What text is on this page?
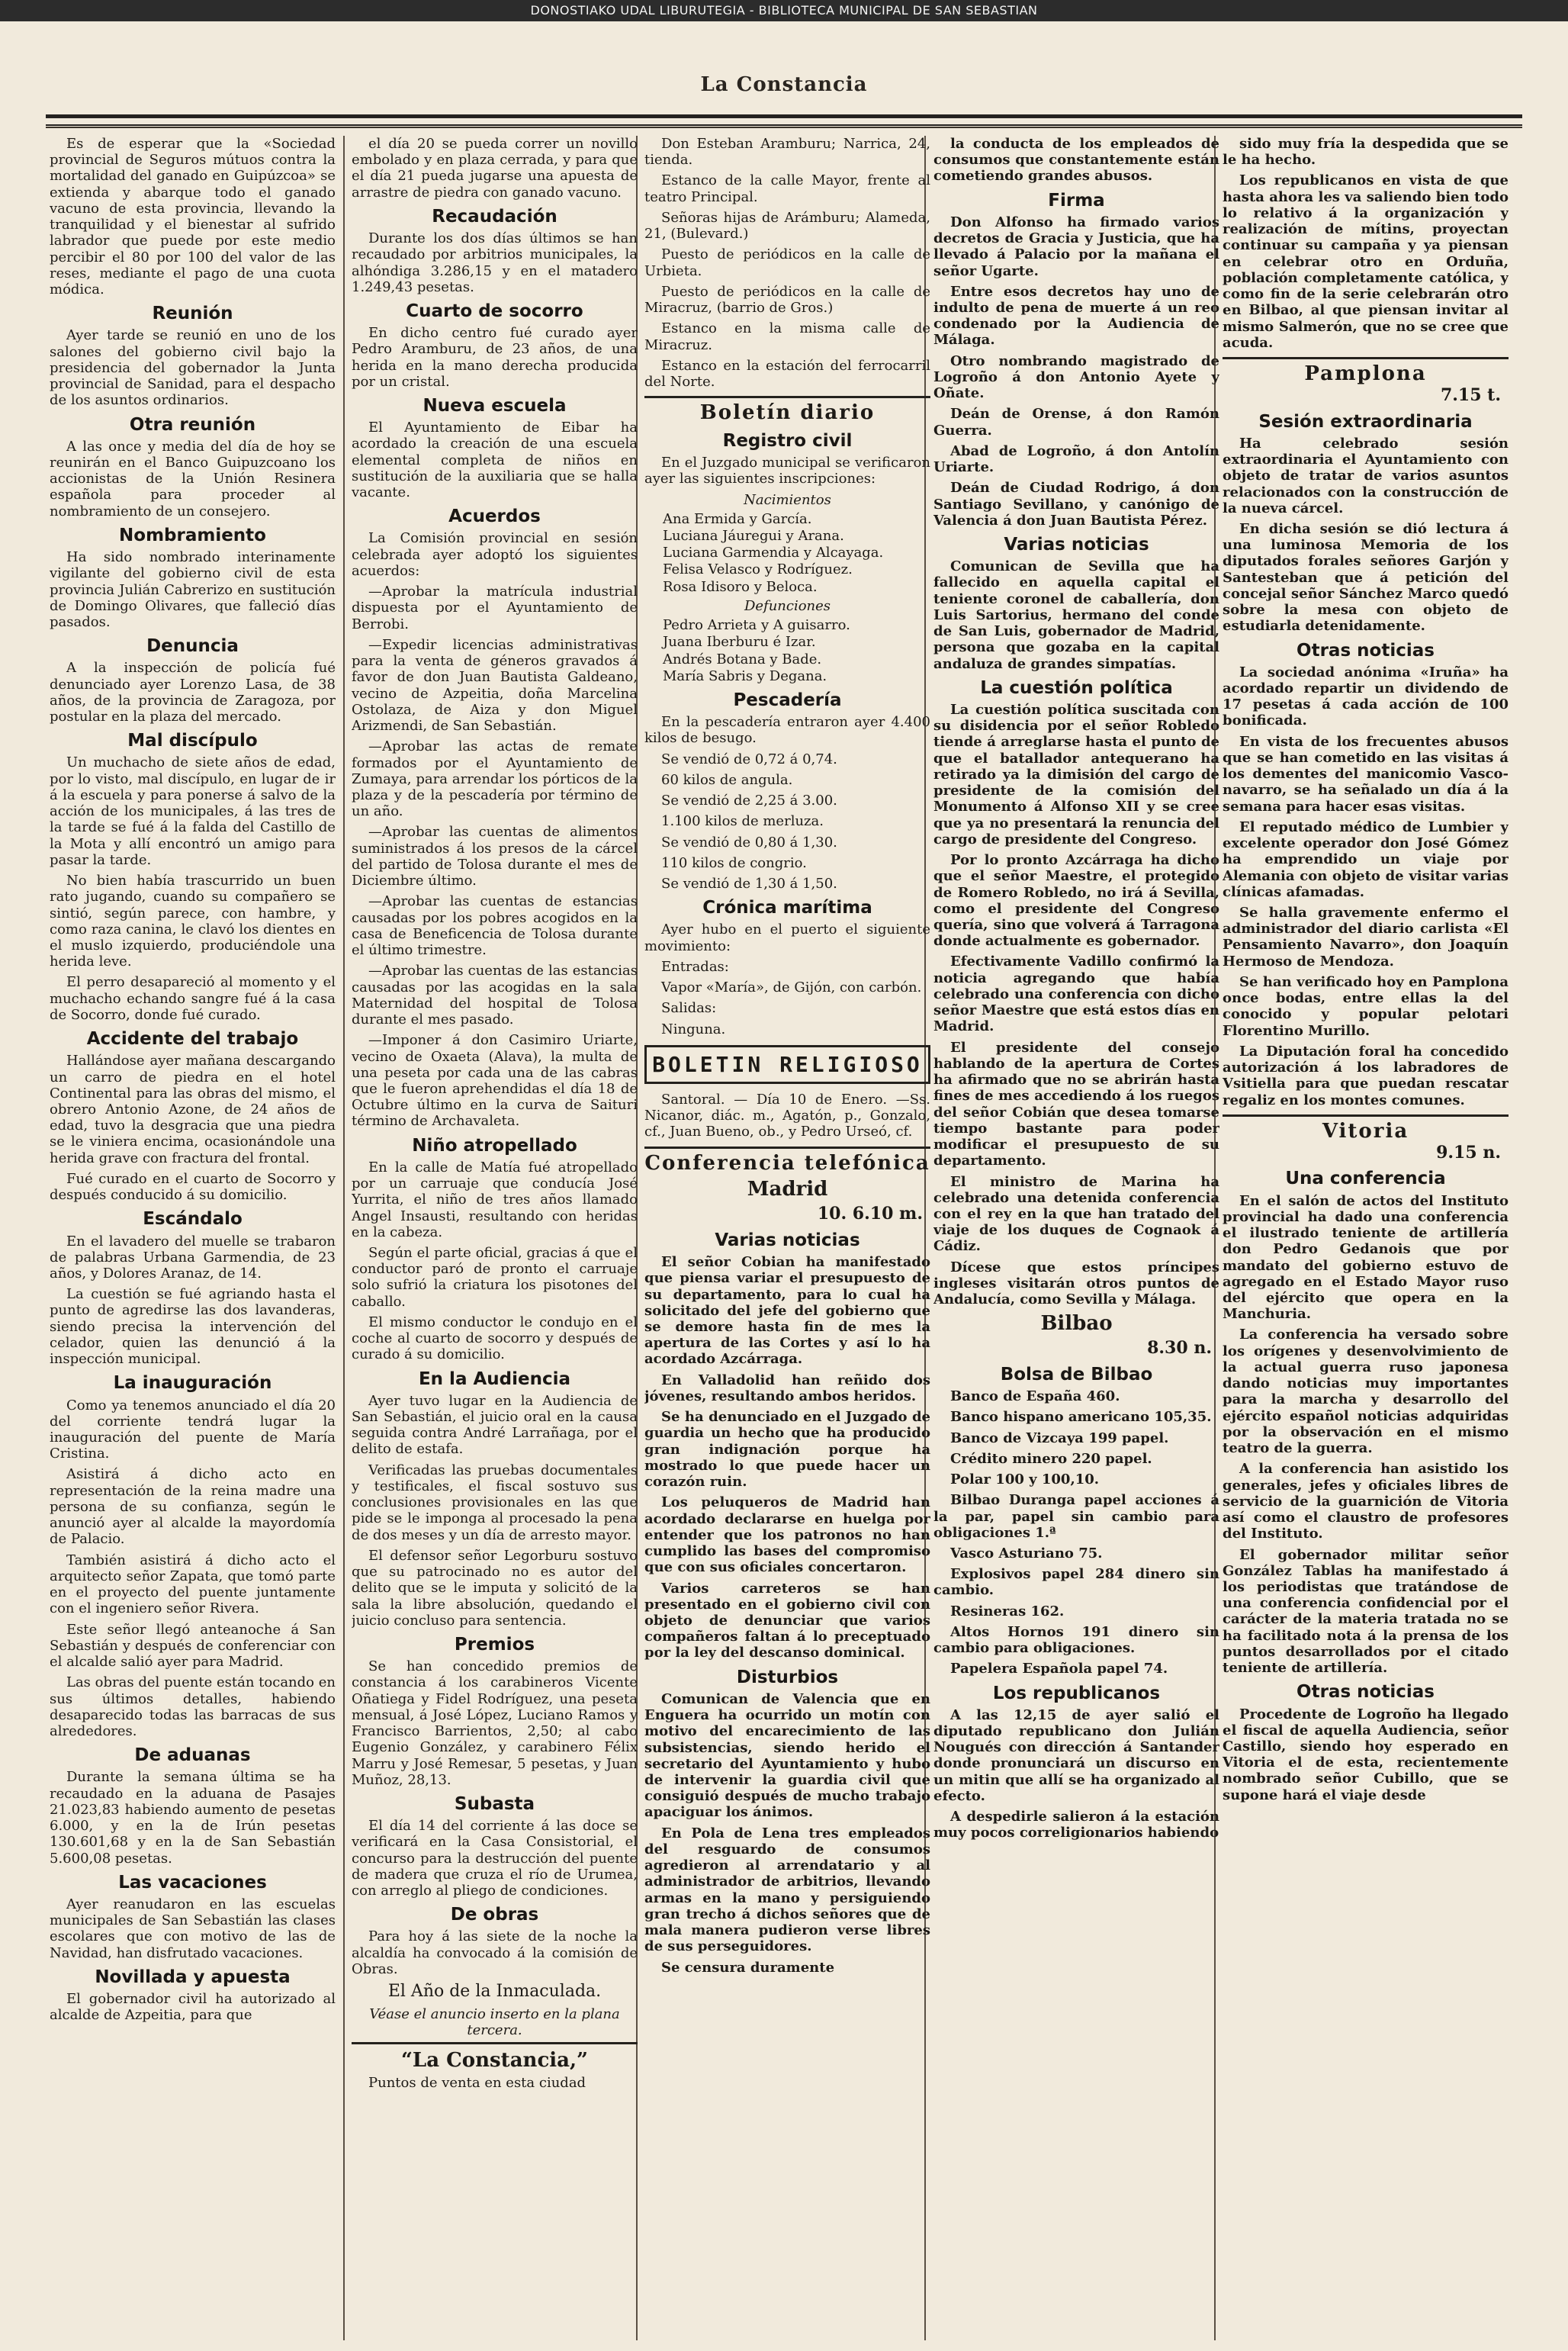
DONOSTIAKO UDAL LIBURUTEGIA - BIBLIOTECA MUNICIPAL DE SAN SEBASTIAN
La Constancia

Es de esperar que la «Sociedad provincial de Seguros mútuos contra la mortalidad del ganado en Guipúzcoa» se extienda y abarque todo el ganado vacuno de esta provincia, llevando la tranquilidad y el bienestar al sufrido labrador que puede por este medio percibir el 80 por 100 del valor de las reses, mediante el pago de una cuota módica.

Reunión

Ayer tarde se reunió en uno de los salones del gobierno civil bajo la presidencia del gobernador la Junta provincial de Sanidad, para el despacho de los asuntos ordinarios.

Otra reunión

A las once y media del día de hoy se reunirán en el Banco Guipuzcoano los accionistas de la Unión Resinera española para proceder al nombramiento de un consejero.

Nombramiento

Ha sido nombrado interinamente vigilante del gobierno civil de esta provincia Julián Cabrerizo en sustitución de Domingo Olivares, que falleció días pasados.

Denuncia

A la inspección de policía fué denunciado ayer Lorenzo Lasa, de 38 años, de la provincia de Zaragoza, por postular en la plaza del mercado.

Mal discípulo

Un muchacho de siete años de edad, por lo visto, mal discípulo, en lugar de ir á la escuela y para ponerse á salvo de la acción de los municipales, á las tres de la tarde se fué á la falda del Castillo de la Mota y allí encontró un amigo para pasar la tarde.

No bien había trascurrido un buen rato jugando, cuando su compañero se sintió, según parece, con hambre, y como raza canina, le clavó los dientes en el muslo izquierdo, produciéndole una herida leve.

El perro desapareció al momento y el muchacho echando sangre fué á la casa de Socorro, donde fué curado.

Accidente del trabajo

Hallándose ayer mañana descargando un carro de piedra en el hotel Continental para las obras del mismo, el obrero Antonio Azone, de 24 años de edad, tuvo la desgracia que una piedra se le viniera encima, ocasionándole una herida grave con fractura del frontal.

Fué curado en el cuarto de Socorro y después conducido á su domicilio.

Escándalo

En el lavadero del muelle se trabaron de palabras Urbana Garmendia, de 23 años, y Dolores Aranaz, de 14.

La cuestión se fué agriando hasta el punto de agredirse las dos lavanderas, siendo precisa la intervención del celador, quien las denunció á la inspección municipal.

La inauguración

Como ya tenemos anunciado el día 20 del corriente tendrá lugar la inauguración del puente de María Cristina.

Asistirá á dicho acto en representación de la reina madre una persona de su confianza, según le anunció ayer al alcalde la mayordomía de Palacio.

También asistirá á dicho acto el arquitecto señor Zapata, que tomó parte en el proyecto del puente juntamente con el ingeniero señor Rivera.

Este señor llegó anteanoche á San Sebastián y después de conferenciar con el alcalde salió ayer para Madrid.

Las obras del puente están tocando en sus últimos detalles, habiendo desaparecido todas las barracas de sus alrededores.

De aduanas

Durante la semana última se ha recaudado en la aduana de Pasajes 21.023,83 habiendo aumento de pesetas 6.000, y en la de Irún pesetas 130.601,68 y en la de San Sebastián 5.600,08 pesetas.

Las vacaciones

Ayer reanudaron en las escuelas municipales de San Sebastián las clases escolares que con motivo de las de Navidad, han disfrutado vacaciones.

Novillada y apuesta

El gobernador civil ha autorizado al alcalde de Azpeitia, para que

el día 20 se pueda correr un novillo embolado y en plaza cerrada, y para que el día 21 pueda jugarse una apuesta de arrastre de piedra con ganado vacuno.

Recaudación

Durante los dos días últimos se han recaudado por arbitrios municipales, la alhóndiga 3.286,15 y en el matadero 1.249,43 pesetas.

Cuarto de socorro

En dicho centro fué curado ayer Pedro Aramburu, de 23 años, de una herida en la mano derecha producida por un cristal.

Nueva escuela

El Ayuntamiento de Eibar ha acordado la creación de una escuela elemental completa de niños en sustitución de la auxiliaria que se halla vacante.

Acuerdos

La Comisión provincial en sesión celebrada ayer adoptó los siguientes acuerdos:

—Aprobar la matrícula industrial dispuesta por el Ayuntamiento de Berrobi.

—Expedir licencias administrativas para la venta de géneros gravados á favor de don Juan Bautista Galdeano, vecino de Azpeitia, doña Marcelina Ostolaza, de Aiza y don Miguel Arizmendi, de San Sebastián.

—Aprobar las actas de remate formados por el Ayuntamiento de Zumaya, para arrendar los pórticos de la plaza y de la pescadería por término de un año.

—Aprobar las cuentas de alimentos suministrados á los presos de la cárcel del partido de Tolosa durante el mes de Diciembre último.

—Aprobar las cuentas de estancias causadas por los pobres acogidos en la casa de Beneficencia de Tolosa durante el último trimestre.

—Aprobar las cuentas de las estancias causadas por las acogidas en la sala Maternidad del hospital de Tolosa durante el mes pasado.

—Imponer á don Casimiro Uriarte, vecino de Oxaeta (Alava), la multa de una peseta por cada una de las cabras que le fueron aprehendidas el día 18 de Octubre último en la curva de Saituri término de Archavaleta.

Niño atropellado

En la calle de Matía fué atropellado por un carruaje que conducía José Yurrita, el niño de tres años llamado Angel Insausti, resultando con heridas en la cabeza.

Según el parte oficial, gracias á que el conductor paró de pronto el carruaje solo sufrió la criatura los pisotones del caballo.

El mismo conductor le condujo en el coche al cuarto de socorro y después de curado á su domicilio.

En la Audiencia

Ayer tuvo lugar en la Audiencia de San Sebastián, el juicio oral en la causa seguida contra André Larrañaga, por el delito de estafa.

Verificadas las pruebas documentales y testificales, el fiscal sostuvo sus conclusiones provisionales en las que pide se le imponga al procesado la pena de dos meses y un día de arresto mayor.

El defensor señor Legorburu sostuvo que su patrocinado no es autor del delito que se le imputa y solicitó de la sala la libre absolución, quedando el juicio concluso para sentencia.

Premios

Se han concedido premios de constancia á los carabineros Vicente Oñatiega y Fidel Rodríguez, una peseta mensual, á José López, Luciano Ramos y Francisco Barrientos, 2,50; al cabo Eugenio González, y carabinero Félix Marru y José Remesar, 5 pesetas, y Juan Muñoz, 28,13.

Subasta

El día 14 del corriente á las doce se verificará en la Casa Consistorial, el concurso para la destrucción del puente de madera que cruza el río de Urumea, con arreglo al pliego de condiciones.

De obras

Para hoy á las siete de la noche la alcaldía ha convocado á la comisión de Obras.

El Año de la Inmaculada.

Véase el anuncio inserto en la plana tercera.

“La Constancia,”

Puntos de venta en esta ciudad

Don Esteban Aramburu; Narrica, 24, tienda.

Estanco de la calle Mayor, frente al teatro Principal.

Señoras hijas de Arámburu; Alameda, 21, (Bulevard.)

Puesto de periódicos en la calle de Urbieta.

Puesto de periódicos en la calle de Miracruz, (barrio de Gros.)

Estanco en la misma calle de Miracruz.

Estanco en la estación del ferrocarril del Norte.

Boletín diario
Registro civil

En el Juzgado municipal se verificaron ayer las siguientes inscripciones:

Nacimientos

Ana Ermida y García.

Luciana Jáuregui y Arana.

Luciana Garmendia y Alcayaga.

Felisa Velasco y Rodríguez.

Rosa Idisoro y Beloca.

Defunciones

Pedro Arrieta y A guisarro.

Juana Iberburu é Izar.

Andrés Botana y Bade.

María Sabris y Degana.

Pescadería

En la pescadería entraron ayer 4.400 kilos de besugo.

Se vendió de 0,72 á 0,74.

60 kilos de angula.

Se vendió de 2,25 á 3.00.

1.100 kilos de merluza.

Se vendió de 0,80 á 1,30.

110 kilos de congrio.

Se vendió de 1,30 á 1,50.

Crónica marítima

Ayer hubo en el puerto el siguiente movimiento:

Entradas:

Vapor «María», de Gijón, con carbón.

Salidas:

Ninguna.

BOLETIN RELIGIOSO

Santoral. — Día 10 de Enero. —Ss. Nicanor, diác. m., Agatón, p., Gonzalo, cf., Juan Bueno, ob., y Pedro Urseó, cf.

Conferencia telefónica
Madrid
10. 6.10 m.
Varias noticias

El señor Cobian ha manifestado que piensa variar el presupuesto de su departamento, para lo cual ha solicitado del jefe del gobierno que se demore hasta fin de mes la apertura de las Cortes y así lo ha acordado Azcárraga.

En Valladolid han reñido dos jóvenes, resultando ambos heridos.

Se ha denunciado en el Juzgado de guardia un hecho que ha producido gran indignación porque ha mostrado lo que puede hacer un corazón ruin.

Los peluqueros de Madrid han acordado declararse en huelga por entender que los patronos no han cumplido las bases del compromiso que con sus oficiales concertaron.

Varios carreteros se han presentado en el gobierno civil con objeto de denunciar que varios compañeros faltan á lo preceptuado por la ley del descanso dominical.

Disturbios

Comunican de Valencia que en Enguera ha ocurrido un motín con motivo del encarecimiento de las subsistencias, siendo herido el secretario del Ayuntamiento y hubo de intervenir la guardia civil que consiguió después de mucho trabajo apaciguar los ánimos.

En Pola de Lena tres empleados del resguardo de consumos agredieron al arrendatario y al administrador de arbitrios, llevando armas en la mano y persiguiendo gran trecho á dichos señores que de mala manera pudieron verse libres de sus perseguidores.

Se censura duramente

la conducta de los empleados de consumos que constantemente están cometiendo grandes abusos.

Firma

Don Alfonso ha firmado varios decretos de Gracia y Justicia, que ha llevado á Palacio por la mañana el señor Ugarte.

Entre esos decretos hay uno de indulto de pena de muerte á un reo condenado por la Audiencia de Málaga.

Otro nombrando magistrado de Logroño á don Antonio Ayete y Oñate.

Deán de Orense, á don Ramón Guerra.

Abad de Logroño, á don Antolín Uriarte.

Deán de Ciudad Rodrigo, á don Santiago Sevillano, y canónigo de Valencia á don Juan Bautista Pérez.

Varias noticias

Comunican de Sevilla que ha fallecido en aquella capital el teniente coronel de caballería, don Luis Sartorius, hermano del conde de San Luis, gobernador de Madrid, persona que gozaba en la capital andaluza de grandes simpatías.

La cuestión política

La cuestión política suscitada con su disidencia por el señor Robledo tiende á arreglarse hasta el punto de que el batallador antequerano ha retirado ya la dimisión del cargo de presidente de la comisión del Monumento á Alfonso XII y se cree que ya no presentará la renuncia del cargo de presidente del Congreso.

Por lo pronto Azcárraga ha dicho que el señor Maestre, el protegido de Romero Robledo, no irá á Sevilla, como el presidente del Congreso quería, sino que volverá á Tarragona donde actualmente es gobernador.

Efectivamente Vadillo confirmó la noticia agregando que había celebrado una conferencia con dicho señor Maestre que está estos días en Madrid.

El presidente del consejo hablando de la apertura de Cortes ha afirmado que no se abrirán hasta fines de mes accediendo á los ruegos del señor Cobián que desea tomarse tiempo bastante para poder modificar el presupuesto de su departamento.

El ministro de Marina ha celebrado una detenida conferencia con el rey en la que han tratado del viaje de los duques de Cognaok á Cádiz.

Dícese que estos príncipes ingleses visitarán otros puntos de Andalucía, como Sevilla y Málaga.

Bilbao
8.30 n.
Bolsa de Bilbao

Banco de España 460.

Banco hispano americano 105,35.

Banco de Vizcaya 199 papel.

Crédito minero 220 papel.

Polar 100 y 100,10.

Bilbao Duranga papel acciones á la par, papel sin cambio para obligaciones 1.ª

Vasco Asturiano 75.

Explosivos papel 284 dinero sin cambio.

Resineras 162.

Altos Hornos 191 dinero sin cambio para obligaciones.

Papelera Española papel 74.

Los republicanos

A las 12,15 de ayer salió el diputado republicano don Julián Nougués con dirección á Santander donde pronunciará un discurso en un mitin que allí se ha organizado al efecto.

A despedirle salieron á la estación muy pocos correligionarios habiendo

sido muy fría la despedida que se le ha hecho.

Los republicanos en vista de que hasta ahora les va saliendo bien todo lo relativo á la organización y realización de mítins, proyectan continuar su campaña y ya piensan en celebrar otro en Orduña, población completamente católica, y como fin de la serie celebrarán otro en Bilbao, al que piensan invitar al mismo Salmerón, que no se cree que acuda.

Pamplona
7.15 t.
Sesión extraordinaria

Ha celebrado sesión extraordinaria el Ayuntamiento con objeto de tratar de varios asuntos relacionados con la construcción de la nueva cárcel.

En dicha sesión se dió lectura á una luminosa Memoria de los diputados forales señores Garjón y Santesteban que á petición del concejal señor Sánchez Marco quedó sobre la mesa con objeto de estudiarla detenidamente.

Otras noticias

La sociedad anónima «Iruña» ha acordado repartir un dividendo de 17 pesetas á cada acción de 100 bonificada.

En vista de los frecuentes abusos que se han cometido en las visitas á los dementes del manicomio Vasco-navarro, se ha señalado un día á la semana para hacer esas visitas.

El reputado médico de Lumbier y excelente operador don José Gómez ha emprendido un viaje por Alemania con objeto de visitar varias clínicas afamadas.

Se halla gravemente enfermo el administrador del diario carlista «El Pensamiento Navarro», don Joaquín Hermoso de Mendoza.

Se han verificado hoy en Pamplona once bodas, entre ellas la del conocido y popular pelotari Florentino Murillo.

La Diputación foral ha concedido autorización á los labradores de Vsitiella para que puedan rescatar regaliz en los montes comunes.

Vitoria
9.15 n.
Una conferencia

En el salón de actos del Instituto provincial ha dado una conferencia el ilustrado teniente de artillería don Pedro Gedanois que por mandato del gobierno estuvo de agregado en el Estado Mayor ruso del ejército que opera en la Manchuria.

La conferencia ha versado sobre los orígenes y desenvolvimiento de la actual guerra ruso japonesa dando noticias muy importantes para la marcha y desarrollo del ejército español noticias adquiridas por la observación en el mismo teatro de la guerra.

A la conferencia han asistido los generales, jefes y oficiales libres de servicio de la guarnición de Vitoria así como el claustro de profesores del Instituto.

El gobernador militar señor González Tablas ha manifestado á los periodistas que tratándose de una conferencia confidencial por el carácter de la materia tratada no se ha facilitado nota á la prensa de los puntos desarrollados por el citado teniente de artillería.

Otras noticias

Procedente de Logroño ha llegado el fiscal de aquella Audiencia, señor Castillo, siendo hoy esperado en Vitoria el de esta, recientemente nombrado señor Cubillo, que se supone hará el viaje desde
